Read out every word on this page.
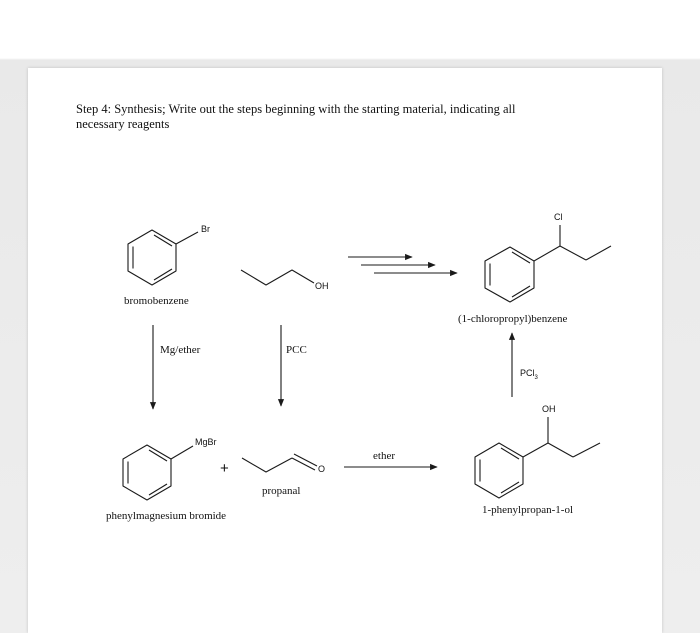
Step 4: Synthesis; Write out the steps beginning with the starting material, indicating all necessary reagents

Br
OH
Cl
MgBr
O
OH
bromobenzene
(1-chloropropyl)benzene
phenylmagnesium bromide
propanal
1-phenylpropan-1-ol
Mg/ether	PCC
ether
PCl$_3$
+
